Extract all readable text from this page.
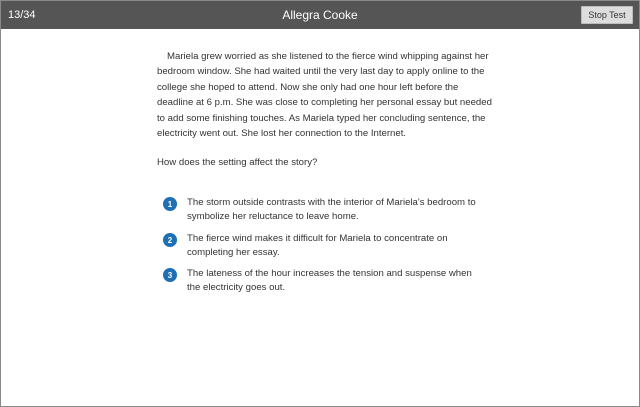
13/34	Allegra Cooke	Stop Test

Mariela grew worried as she listened to the fierce wind whipping against her bedroom window. She had waited until the very last day to apply online to the college she hoped to attend. Now she only had one hour left before the deadline at 6 p.m. She was close to completing her personal essay but needed to add some finishing touches. As Mariela typed her concluding sentence, the electricity went out. She lost her connection to the Internet.

How does the setting affect the story?

1	The storm outside contrasts with the interior of Mariela's bedroom to symbolize her reluctance to leave home.
2	The fierce wind makes it difficult for Mariela to concentrate on completing her essay.
3	The lateness of the hour increases the tension and suspense when the electricity goes out.
